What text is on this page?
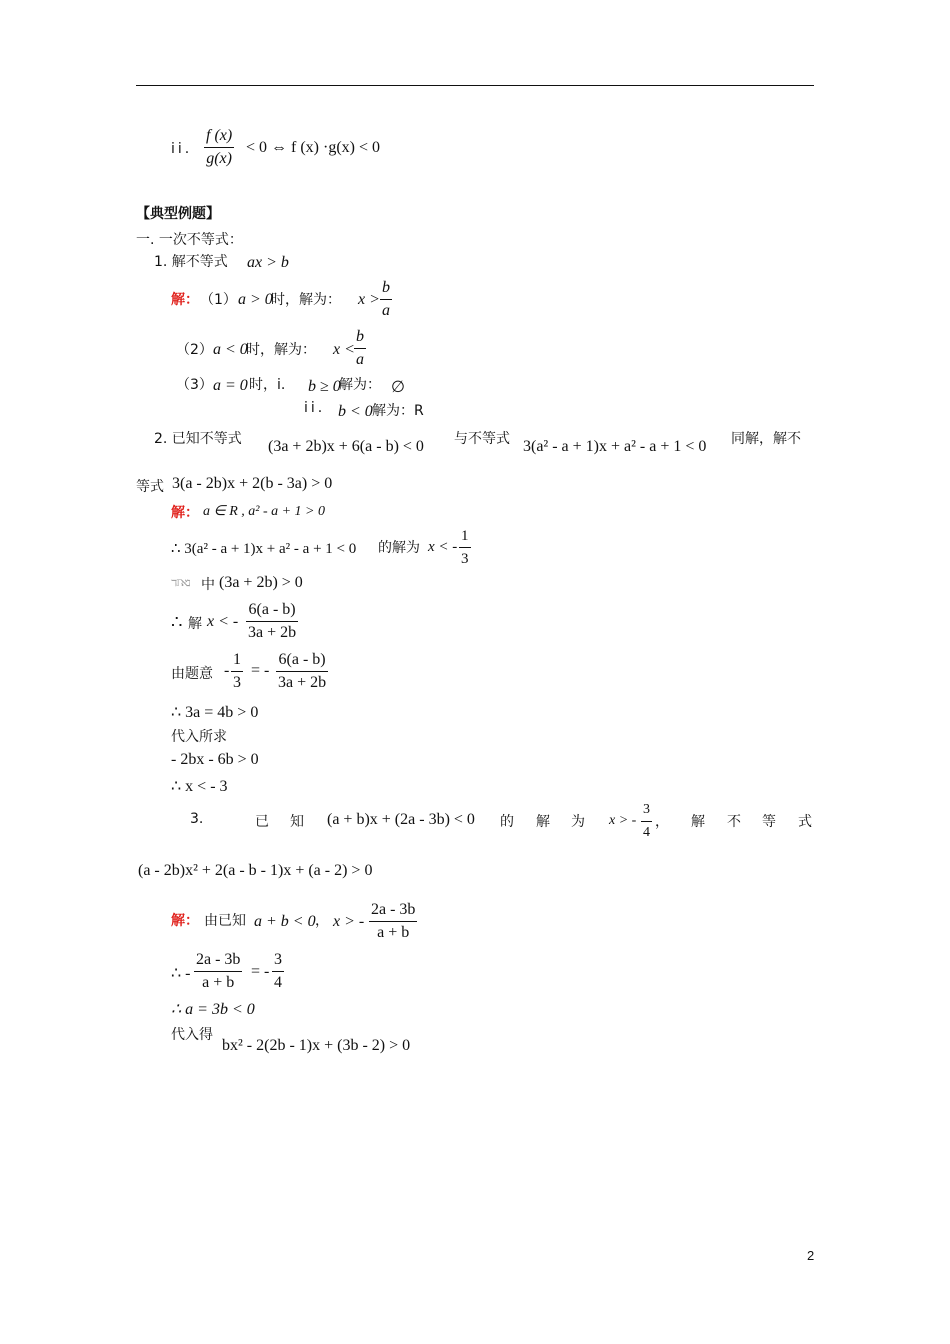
ii.
f (x)
g(x)
< 0 ⇔ f (x) ·g(x) < 0
【典型例题】
一. 一次不等式：
1. 解不等式 ax > b
解： （1） a > 0
时，解为： x >
b
a
（2） a < 0
时，解为： x <
b
a
（3） a = 0 时，i. b ≥ 0
解为： ∅
ii. b < 0 解为：R
2. 已知不等式 (3a + 2b)x + 6(a - b) < 0 与不等式 3(a² - a + 1)x + a² - a + 1 < 0 同解，解不
等式 3(a - 2b)x + 2(b - 3a) > 0
解： a ∈ R , a² - a + 1 > 0
∴ 3(a² - a + 1)x + a² - a + 1 < 0 的解为 x < -
1
3
ℸℾℵℷ 中 (3a + 2b) > 0
∴ 解 x < -
6(a - b)
3a + 2b
由题意 -
1
3
= -
6(a - b)
3a + 2b
∴ 3a = 4b > 0
代入所求
- 2bx - 6b > 0
∴ x < - 3
3.	已 知 (a + b)x + (2a - 3b) < 0 的 解 为 x > -
3
4
， 解 不 等 式
(a - 2b)x² + 2(a - b - 1)x + (a - 2) > 0
解： 由已知 a + b < 0 ， x > -
2a - 3b
a + b
∴ -
2a - 3b
a + b
= -
3
4
∴ a = 3b < 0
代入得
bx² - 2(2b - 1)x + (3b - 2) > 0
2
